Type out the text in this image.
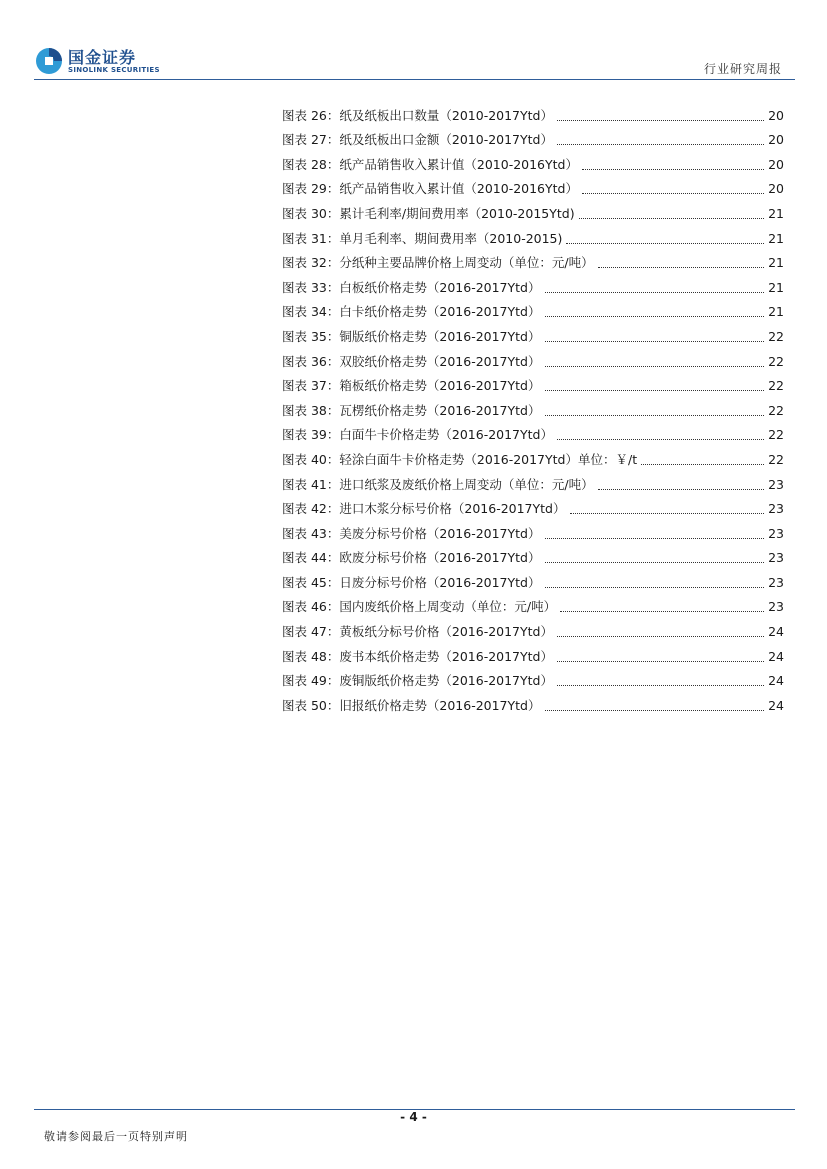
国金证券
SINOLINK SECURITIES	行业研究周报
图表 26：纸及纸板出口数量（2010-2017Ytd）	20
图表 27：纸及纸板出口金额（2010-2017Ytd）	20
图表 28：纸产品销售收入累计值（2010-2016Ytd）	20
图表 29：纸产品销售收入累计值（2010-2016Ytd）	20
图表 30：累计毛利率/期间费用率（2010-2015Ytd)	21
图表 31：单月毛利率、期间费用率（2010-2015)	21
图表 32：分纸种主要品牌价格上周变动（单位：元/吨）	21
图表 33：白板纸价格走势（2016-2017Ytd）	21
图表 34：白卡纸价格走势（2016-2017Ytd）	21
图表 35：铜版纸价格走势（2016-2017Ytd）	22
图表 36：双胶纸价格走势（2016-2017Ytd）	22
图表 37：箱板纸价格走势（2016-2017Ytd）	22
图表 38：瓦楞纸价格走势（2016-2017Ytd）	22
图表 39：白面牛卡价格走势（2016-2017Ytd）	22
图表 40：轻涂白面牛卡价格走势（2016-2017Ytd）单位：￥/t	22
图表 41：进口纸浆及废纸价格上周变动（单位：元/吨）	23
图表 42：进口木浆分标号价格（2016-2017Ytd）	23
图表 43：美废分标号价格（2016-2017Ytd）	23
图表 44：欧废分标号价格（2016-2017Ytd）	23
图表 45：日废分标号价格（2016-2017Ytd）	23
图表 46：国内废纸价格上周变动（单位：元/吨）	23
图表 47：黄板纸分标号价格（2016-2017Ytd）	24
图表 48：废书本纸价格走势（2016-2017Ytd）	24
图表 49：废铜版纸价格走势（2016-2017Ytd）	24
图表 50：旧报纸价格走势（2016-2017Ytd）	24
- 4 -
敬请参阅最后一页特别声明
